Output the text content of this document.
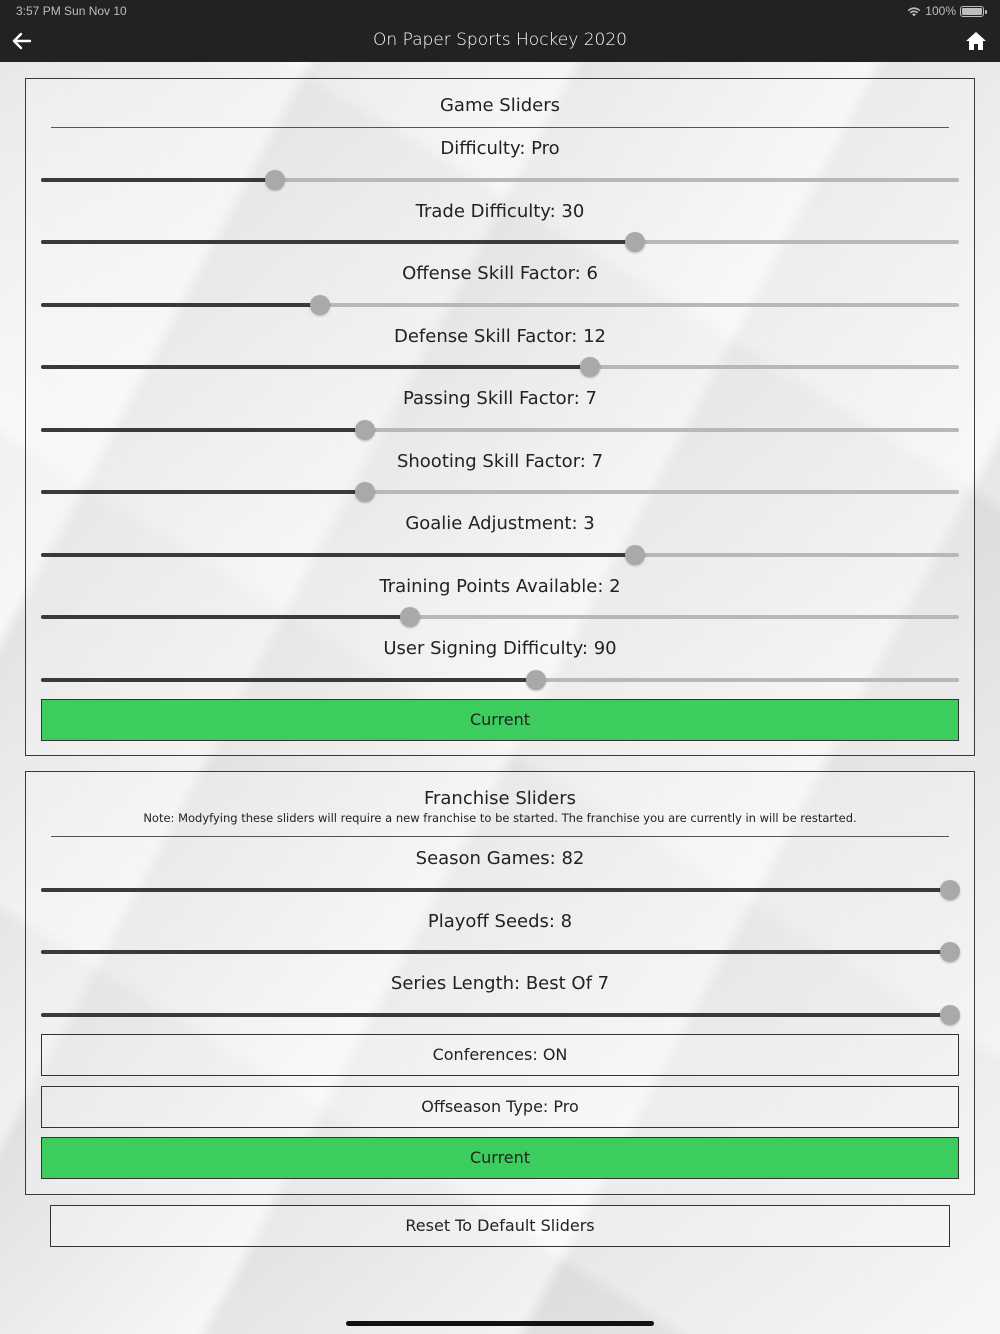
3:57 PM Sun Nov 10	100%
On Paper Sports Hockey 2020
Game Sliders
Difficulty: Pro
Trade Difficulty: 30
Offense Skill Factor: 6
Defense Skill Factor: 12
Passing Skill Factor: 7
Shooting Skill Factor: 7
Goalie Adjustment: 3
Training Points Available: 2
User Signing Difficulty: 90
Current
Franchise Sliders
Note: Modyfying these sliders will require a new franchise to be started. The franchise you are currently in will be restarted.
Season Games: 82
Playoff Seeds: 8
Series Length: Best Of 7
Conferences: ON
Offseason Type: Pro
Current
Reset To Default Sliders
